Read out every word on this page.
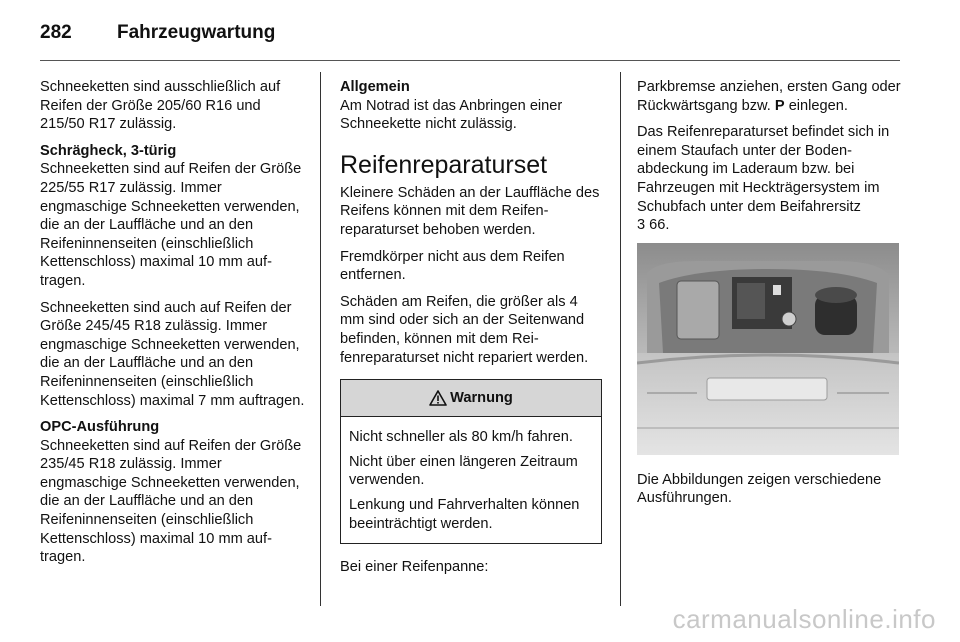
282 Fahrzeugwartung

Schneeketten sind ausschließlich auf Reifen der Größe 205/60 R16 und 215/50 R17 zulässig.

Schrägheck, 3-türig

Schneeketten sind auf Reifen der Größe 225/55 R17 zulässig. Immer engmaschige Schneeketten verwenden, die an der Lauffläche und an den Reifeninnenseiten (einschließlich Kettenschloss) maximal 10 mm auftragen.

Schneeketten sind auch auf Reifen der Größe 245/45 R18 zulässig. Immer engmaschige Schneeketten verwenden, die an der Lauffläche und an den Reifeninnenseiten (einschließlich Kettenschloss) maximal 7 mm auftragen.

OPC-Ausführung

Schneeketten sind auf Reifen der Größe 235/45 R18 zulässig. Immer engmaschige Schneeketten verwenden, die an der Lauffläche und an den Reifeninnenseiten (einschließlich Kettenschloss) maximal 10 mm auftragen.

Allgemein

Am Notrad ist das Anbringen einer Schneekette nicht zulässig.

Reifenreparaturset

Kleinere Schäden an der Lauffläche des Reifens können mit dem Reifenreparaturset behoben werden.

Fremdkörper nicht aus dem Reifen entfernen.

Schäden am Reifen, die größer als 4 mm sind oder sich an der Seitenwand befinden, können mit dem Reifenreparaturset nicht repariert werden.

Warnung

Nicht schneller als 80 km/h fahren.

Nicht über einen längeren Zeitraum verwenden.

Lenkung und Fahrverhalten können beeinträchtigt werden.

Bei einer Reifenpanne:

Parkbremse anziehen, ersten Gang oder Rückwärtsgang bzw. P einlegen.

Das Reifenreparaturset befindet sich in einem Staufach unter der Bodenabdeckung im Laderaum bzw. bei Fahrzeugen mit Heckträgersystem im Schubfach unter dem Beifahrersitz
3 66.

Die Abbildungen zeigen verschiedene Ausführungen.

carmanualsonline.info
